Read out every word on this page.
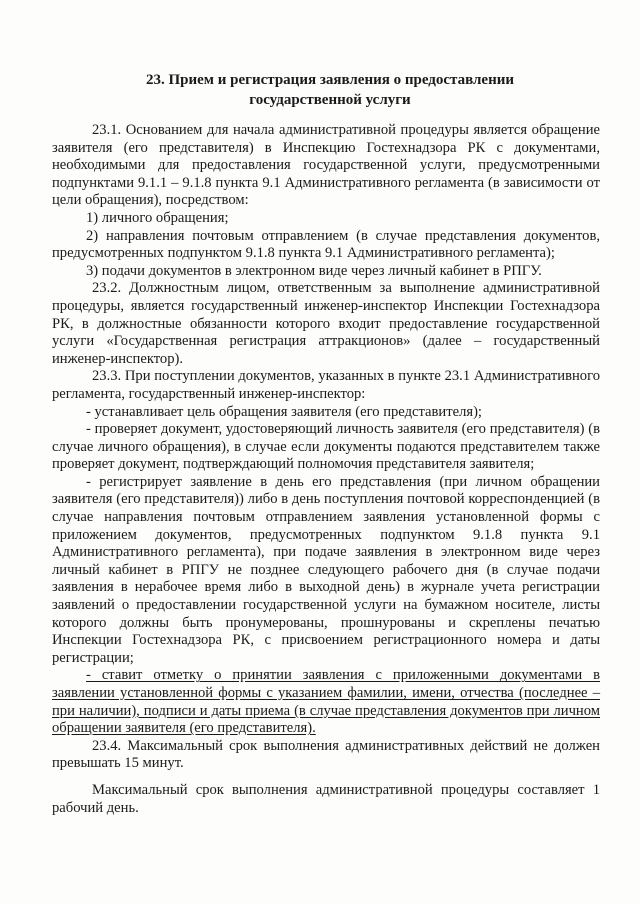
23. Прием и регистрация заявления о предоставлении
государственной услуги

23.1. Основанием для начала административной процедуры является обращение заявителя (его представителя) в Инспекцию Гостехнадзора РК с документами, необходимыми для предоставления государственной услуги, предусмотренными подпунктами 9.1.1 – 9.1.8 пункта 9.1 Административного регламента (в зависимости от цели обращения), посредством:

1) личного обращения;

2) направления почтовым отправлением (в случае представления документов, предусмотренных подпунктом 9.1.8 пункта 9.1 Административного регламента);

3) подачи документов в электронном виде через личный кабинет в РПГУ.

23.2. Должностным лицом, ответственным за выполнение административной процедуры, является государственный инженер-инспектор Инспекции Гостехнадзора РК, в должностные обязанности которого входит предоставление государственной услуги «Государственная регистрация аттракционов» (далее – государственный инженер-инспектор).

23.3. При поступлении документов, указанных в пункте 23.1 Административного регламента, государственный инженер-инспектор:

- устанавливает цель обращения заявителя (его представителя);

- проверяет документ, удостоверяющий личность заявителя (его представителя) (в случае личного обращения), в случае если документы подаются представителем также проверяет документ, подтверждающий полномочия представителя заявителя;

- регистрирует заявление в день его представления (при личном обращении заявителя (его представителя)) либо в день поступления почтовой корреспонденцией (в случае направления почтовым отправлением заявления установленной формы с приложением документов, предусмотренных подпунктом 9.1.8 пункта 9.1 Административного регламента), при подаче заявления в электронном виде через личный кабинет в РПГУ не позднее следующего рабочего дня (в случае подачи заявления в нерабочее время либо в выходной день) в журнале учета регистрации заявлений о предоставлении государственной услуги на бумажном носителе, листы которого должны быть пронумерованы, прошнурованы и скреплены печатью Инспекции Гостехнадзора РК, с присвоением регистрационного номера и даты регистрации;

- ставит отметку о принятии заявления с приложенными документами в заявлении установленной формы с указанием фамилии, имени, отчества (последнее – при наличии), подписи и даты приема (в случае представления документов при личном обращении заявителя (его представителя).

23.4. Максимальный срок выполнения административных действий не должен превышать 15 минут.

Максимальный срок выполнения административной процедуры составляет 1 рабочий день.
